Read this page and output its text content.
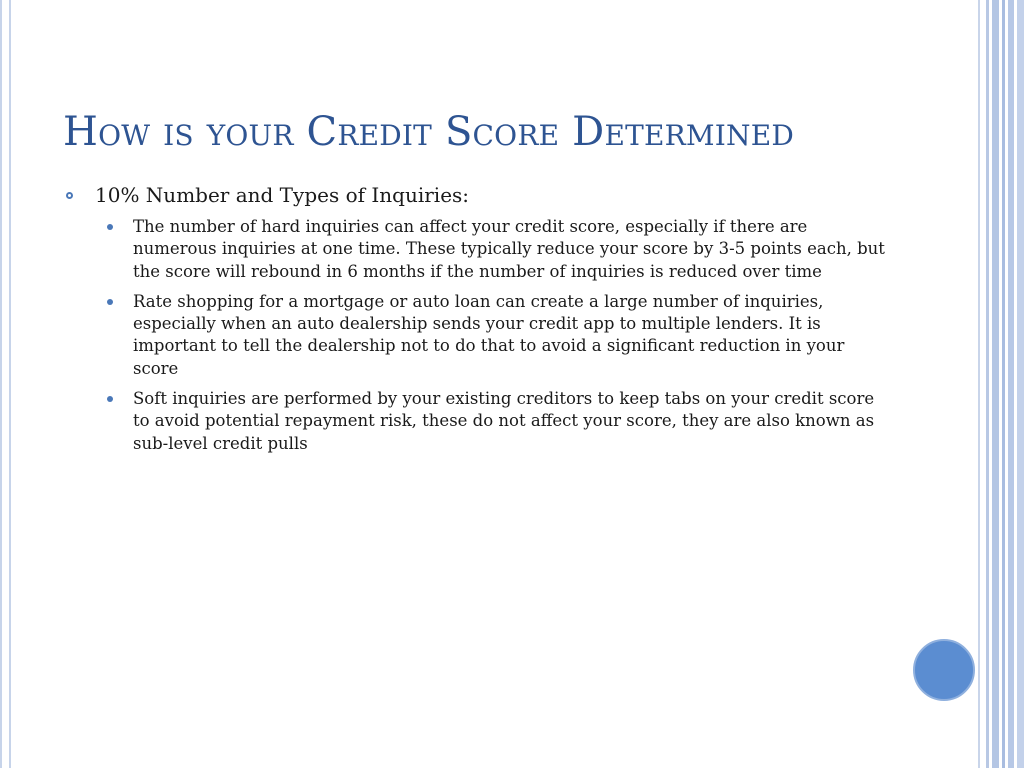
How is your Credit Score Determined
10% Number and Types of Inquiries:
The number of hard inquiries can affect your credit score, especially if there are numerous inquiries at one time. These typically reduce your score by 3-5 points each, but the score will rebound in 6 months if the number of inquiries is reduced over time
Rate shopping for a mortgage or auto loan can create a large number of inquiries, especially when an auto dealership sends your credit app to multiple lenders. It is important to tell the dealership not to do that to avoid a significant reduction in your score
Soft inquiries are performed by your existing creditors to keep tabs on your credit score to avoid potential repayment risk, these do not affect your score, they are also known as sub-level credit pulls
